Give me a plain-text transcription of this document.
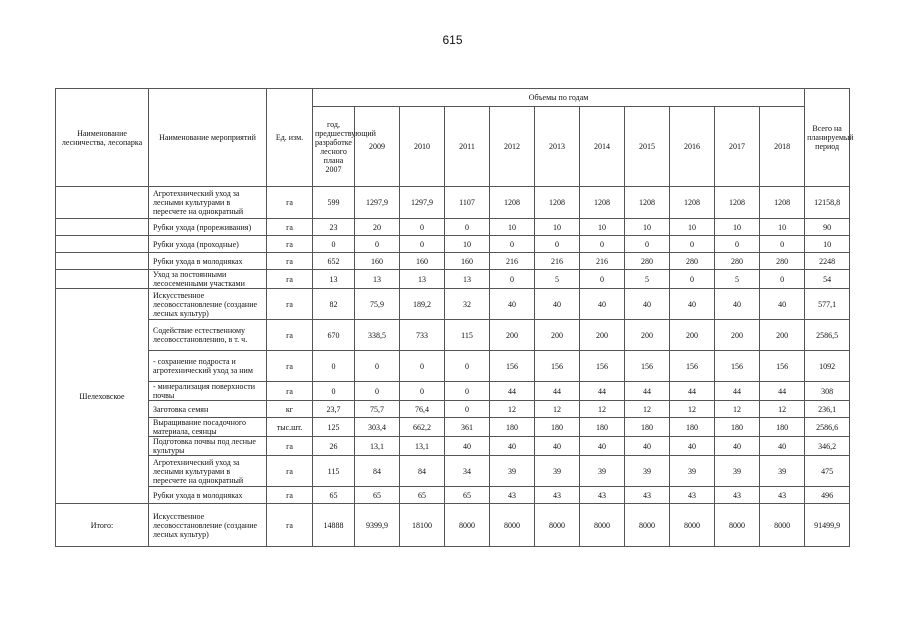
615
Наименование лесничества, лесопарка	Наименование мероприятий	Ед. изм.	Объемы по годам											Всего на планируемый период
			год, предшествующий разработке лесного плана 2007	2009	2010	2011	2012	2013	2014	2015	2016	2017	2018	
	Агротехнический уход за лесными культурами в пересчете на однократный	га	599	1297,9	1297,9	1107	1208	1208	1208	1208	1208	1208	1208	12158,8
	Рубки ухода (прореживания)	га	23	20	0	0	10	10	10	10	10	10	10	90
	Рубки ухода (проходные)	га	0	0	0	10	0	0	0	0	0	0	0	10
	Рубки ухода в молодняках	га	652	160	160	160	216	216	216	280	280	280	280	2248
	Уход за постоянными лесосеменными участками	га	13	13	13	13	0	5	0	5	0	5	0	54
Шелеховское	Искусственное лесовосстановление (создание лесных культур)	га	82	75,9	189,2	32	40	40	40	40	40	40	40	577,1
	Содействие естественному лесовосстановлению, в т. ч.	га	670	338,5	733	115	200	200	200	200	200	200	200	2586,5
	- сохранение подроста и агротехнический уход за ним	га	0	0	0	0	156	156	156	156	156	156	156	1092
	- минерализация поверхности почвы	га	0	0	0	0	44	44	44	44	44	44	44	308
	Заготовка семян	кг	23,7	75,7	76,4	0	12	12	12	12	12	12	12	236,1
	Выращивание посадочного материала, сеянцы	тыс.шт.	125	303,4	662,2	361	180	180	180	180	180	180	180	2586,6
	Подготовка почвы под лесные культуры	га	26	13,1	13,1	40	40	40	40	40	40	40	40	346,2
	Агротехнический уход за лесными культурами в пересчете на однократный	га	115	84	84	34	39	39	39	39	39	39	39	475
	Рубки ухода в молодняках	га	65	65	65	65	43	43	43	43	43	43	43	496
Итого:	Искусственное лесовосстановление (создание лесных культур)	га	14888	9399,9	18100	8000	8000	8000	8000	8000	8000	8000	8000	91499,9
